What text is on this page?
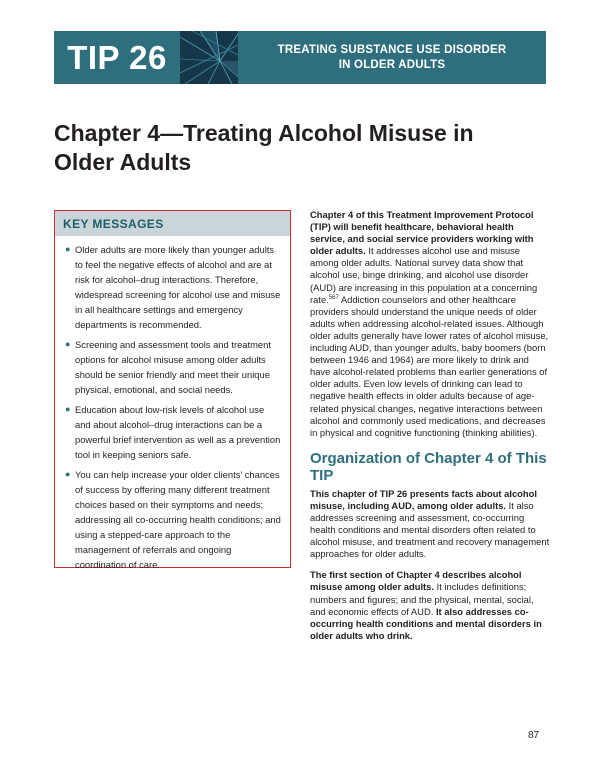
TIP 26	TREATING SUBSTANCE USE DISORDER
IN OLDER ADULTS
Chapter 4—Treating Alcohol Misuse in Older Adults
KEY MESSAGES
● Older adults are more likely than younger adults to feel the negative effects of alcohol and are at risk for alcohol–drug interactions. Therefore, widespread screening for alcohol use and misuse in all healthcare settings and emergency departments is recommended.
● Screening and assessment tools and treatment options for alcohol misuse among older adults should be senior friendly and meet their unique physical, emotional, and social needs.
● Education about low-risk levels of alcohol use and about alcohol–drug interactions can be a powerful brief intervention as well as a prevention tool in keeping seniors safe.
● You can help increase your older clients’ chances of success by offering many different treatment choices based on their symptoms and needs; addressing all co-occurring health conditions; and using a stepped-care approach to the management of referrals and ongoing coordination of care.

Chapter 4 of this Treatment Improvement Protocol (TIP) will benefit healthcare, behavioral health service, and social service providers working with older adults. It addresses alcohol use and misuse among older adults. National survey data show that alcohol use, binge drinking, and alcohol use disorder (AUD) are increasing in this population at a concerning rate.$^{567}$ Addiction counselors and other healthcare providers should understand the unique needs of older adults when addressing alcohol-related issues. Although older adults generally have lower rates of alcohol misuse, including AUD, than younger adults, baby boomers (born between 1946 and 1964) are more likely to drink and have alcohol-related problems than earlier generations of older adults. Even low levels of drinking can lead to negative health effects in older adults because of age-related physical changes, negative interactions between alcohol and commonly used medications, and decreases in physical and cognitive functioning (thinking abilities).

Organization of Chapter 4 of This TIP

This chapter of TIP 26 presents facts about alcohol misuse, including AUD, among older adults. It also addresses screening and assessment, co-occurring health conditions and mental disorders often related to alcohol misuse, and treatment and recovery management approaches for older adults.

The first section of Chapter 4 describes alcohol misuse among older adults. It includes definitions; numbers and figures; and the physical, mental, social, and economic effects of AUD. It also addresses co-occurring health conditions and mental disorders in older adults who drink.

87
